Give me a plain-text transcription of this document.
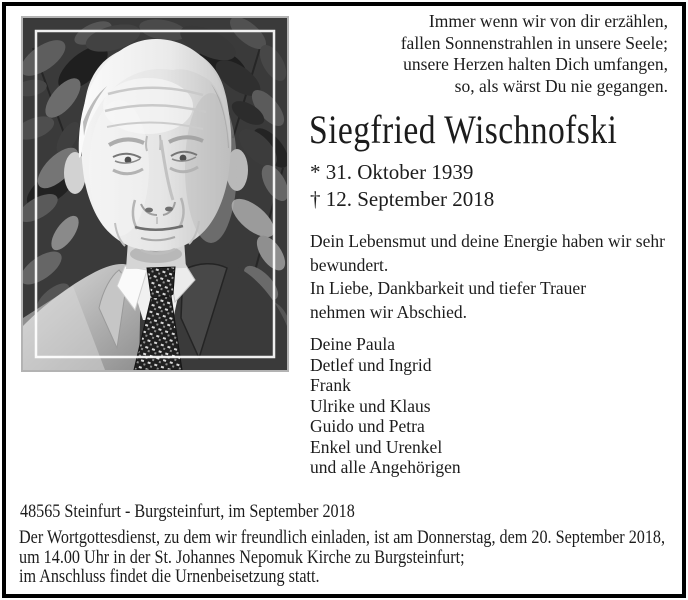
Immer wenn wir von dir erzählen,
fallen Sonnenstrahlen in unsere Seele;
unsere Herzen halten Dich umfangen,
so, als wärst Du nie gegangen.
Siegfried Wischnofski
* 31. Oktober 1939
† 12. September 2018
Dein Lebensmut und deine Energie haben wir sehr
bewundert.
In Liebe, Dankbarkeit und tiefer Trauer
nehmen wir Abschied.
Deine Paula
Detlef und Ingrid
Frank
Ulrike und Klaus
Guido und Petra
Enkel und Urenkel
und alle Angehörigen
48565 Steinfurt - Burgsteinfurt, im September 2018
Der Wortgottesdienst, zu dem wir freundlich einladen, ist am Donnerstag, dem 20. September 2018,
um 14.00 Uhr in der St. Johannes Nepomuk Kirche zu Burgsteinfurt;
im Anschluss findet die Urnenbeisetzung statt.
